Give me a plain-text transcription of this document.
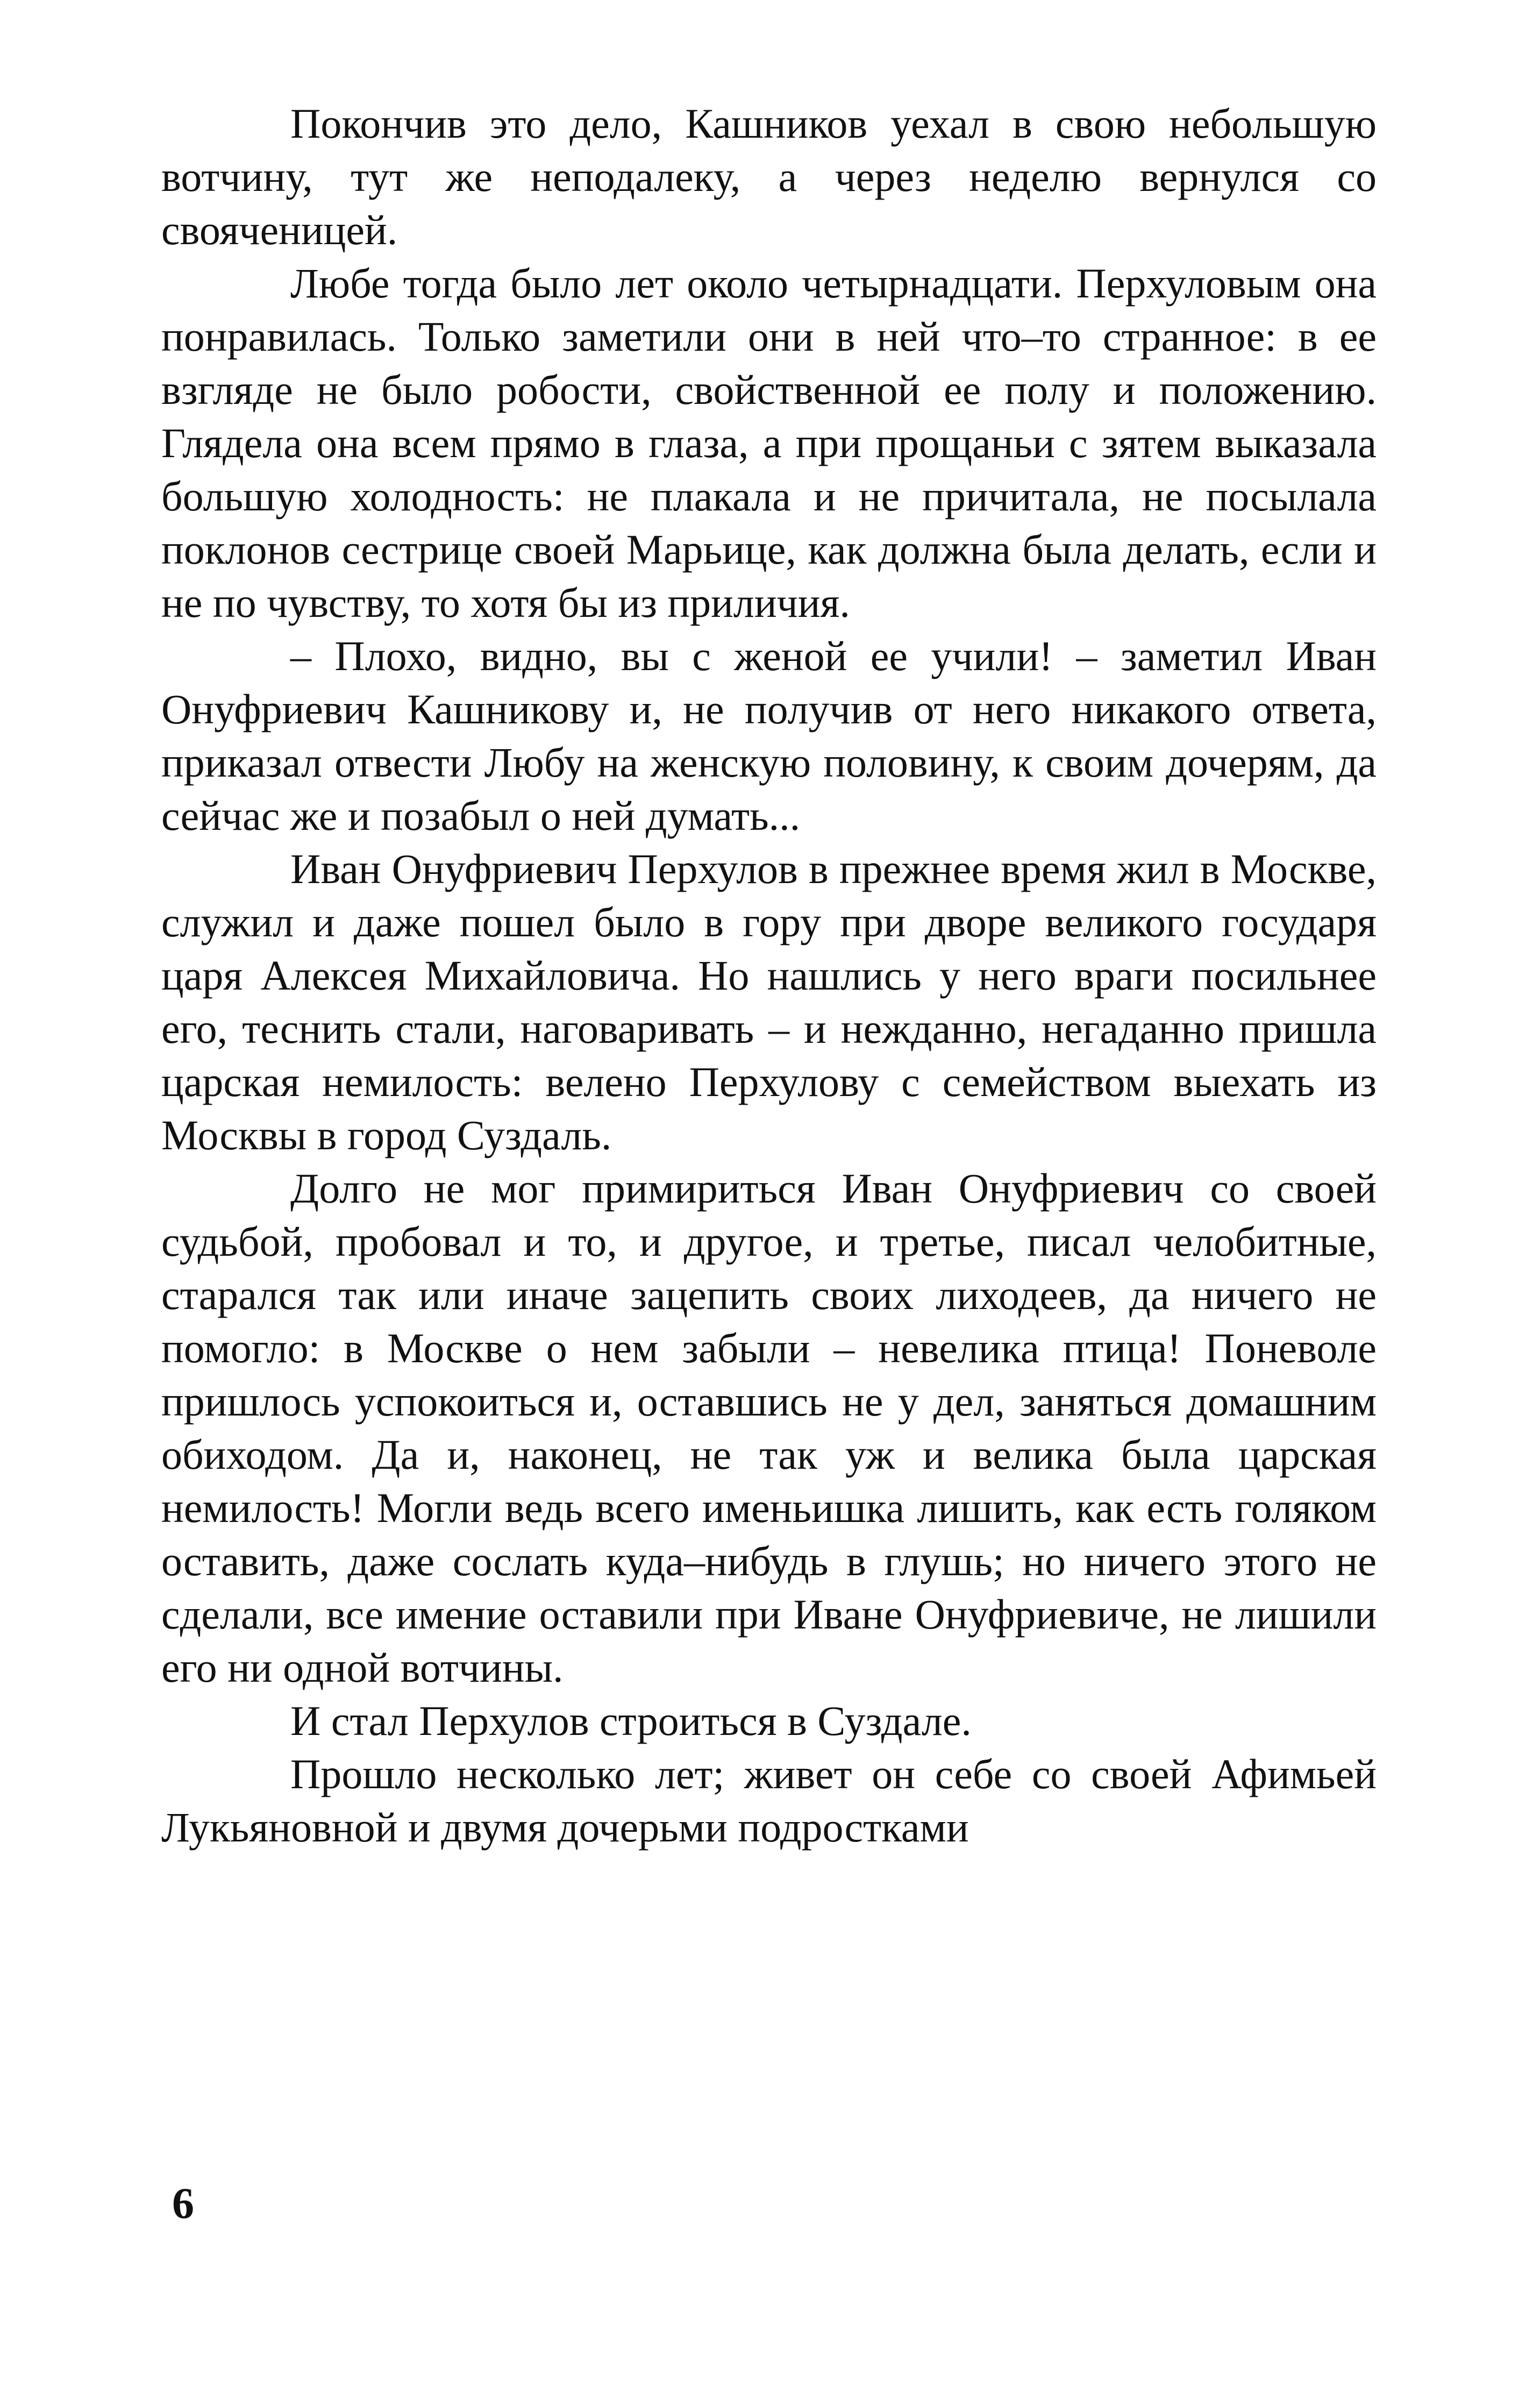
Покончив это дело, Кашников уехал в свою небольшую вотчину, тут же неподалеку, а через неделю вернулся со свояченицей.

Любе тогда было лет около четырнадцати. Перхуловым она понравилась. Только заметили они в ней что–то странное: в ее взгляде не было робости, свойственной ее полу и положению. Глядела она всем прямо в глаза, а при прощаньи с зятем выказала большую холодность: не плакала и не причитала, не посылала поклонов сестрице своей Марьице, как должна была делать, если и не по чувству, то хотя бы из приличия.

– Плохо, видно, вы с женой ее учили! – заметил Иван Онуфриевич Кашникову и, не получив от него никакого ответа, приказал отвести Любу на женскую половину, к своим дочерям, да сейчас же и позабыл о ней думать...

Иван Онуфриевич Перхулов в прежнее время жил в Москве, служил и даже пошел было в гору при дворе великого государя царя Алексея Михайловича. Но нашлись у него враги посильнее его, теснить стали, наговаривать – и нежданно, негаданно пришла царская немилость: велено Перхулову с семейством выехать из Москвы в город Суздаль.

Долго не мог примириться Иван Онуфриевич со своей судьбой, пробовал и то, и другое, и третье, писал челобитные, старался так или иначе зацепить своих лиходеев, да ничего не помогло: в Москве о нем забыли – невелика птица! Поневоле пришлось успокоиться и, оставшись не у дел, заняться домашним обиходом. Да и, наконец, не так уж и велика была царская немилость! Могли ведь всего именьишка лишить, как есть голяком оставить, даже сослать куда–нибудь в глушь; но ничего этого не сделали, все имение оставили при Иване Онуфриевиче, не лишили его ни одной вотчины.

И стал Перхулов строиться в Суздале.

Прошло несколько лет; живет он себе со своей Афимьей Лукьяновной и двумя дочерьми подростками

6
